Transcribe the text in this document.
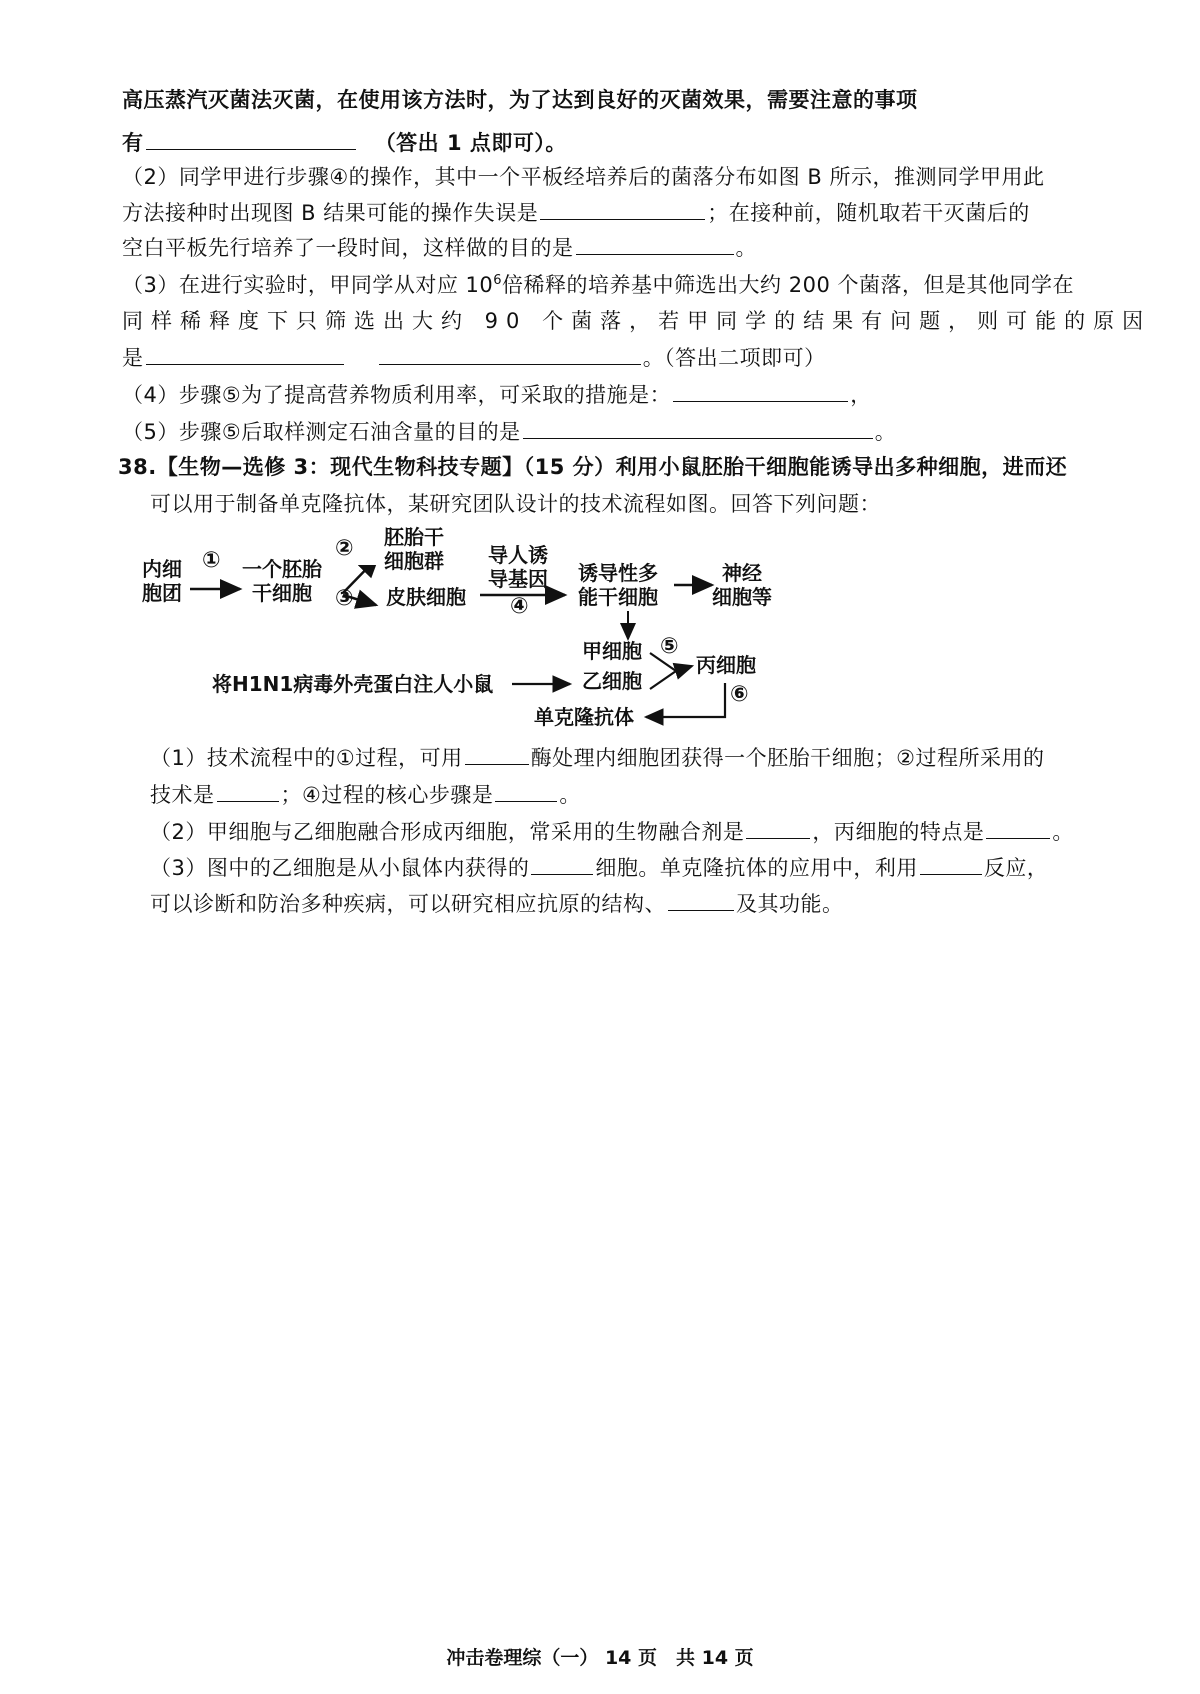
高压蒸汽灭菌法灭菌，在使用该方法时，为了达到良好的灭菌效果，需要注意的事项
有	（答出 1 点即可）。
（2）同学甲进行步骤④的操作，其中一个平板经培养后的菌落分布如图 B 所示，推测同学甲用此
方法接种时出现图 B 结果可能的操作失误是	；在接种前，随机取若干灭菌后的
空白平板先行培养了一段时间，这样做的目的是	。
（3）在进行实验时，甲同学从对应 $10^6$倍稀释的培养基中筛选出大约 200 个菌落，但是其他同学在
同样稀释度下只筛选出大约 90 个菌落，若甲同学的结果有问题，则可能的原因
是	。（答出二项即可）
（4）步骤⑤为了提高营养物质利用率，可采取的措施是：	，
（5）步骤⑤后取样测定石油含量的目的是	。
38.【生物—选修 3：现代生物科技专题】（15 分）利用小鼠胚胎干细胞能诱导出多种细胞，进而还
可以用于制备单克隆抗体，某研究团队设计的技术流程如图。回答下列问题：
内细
胞团
① 一个胚胎
干细胞
②
③
胚胎干
细胞群
皮肤细胞
导人诱
导基因
④
诱导性多
能干细胞
神经
细胞等
甲细胞
乙细胞
⑤
丙细胞
将H1N1病毒外壳蛋白注人小鼠	⑥
单克隆抗体
（1）技术流程中的①过程，可用	酶处理内细胞团获得一个胚胎干细胞；②过程所采用的
技术是	；④过程的核心步骤是	。
（2）甲细胞与乙细胞融合形成丙细胞，常采用的生物融合剂是	，丙细胞的特点是	。
（3）图中的乙细胞是从小鼠体内获得的	细胞。单克隆抗体的应用中，利用	反应，
可以诊断和防治多种疾病，可以研究相应抗原的结构、	及其功能。
冲击卷理综（一） 14 页　共 14 页
